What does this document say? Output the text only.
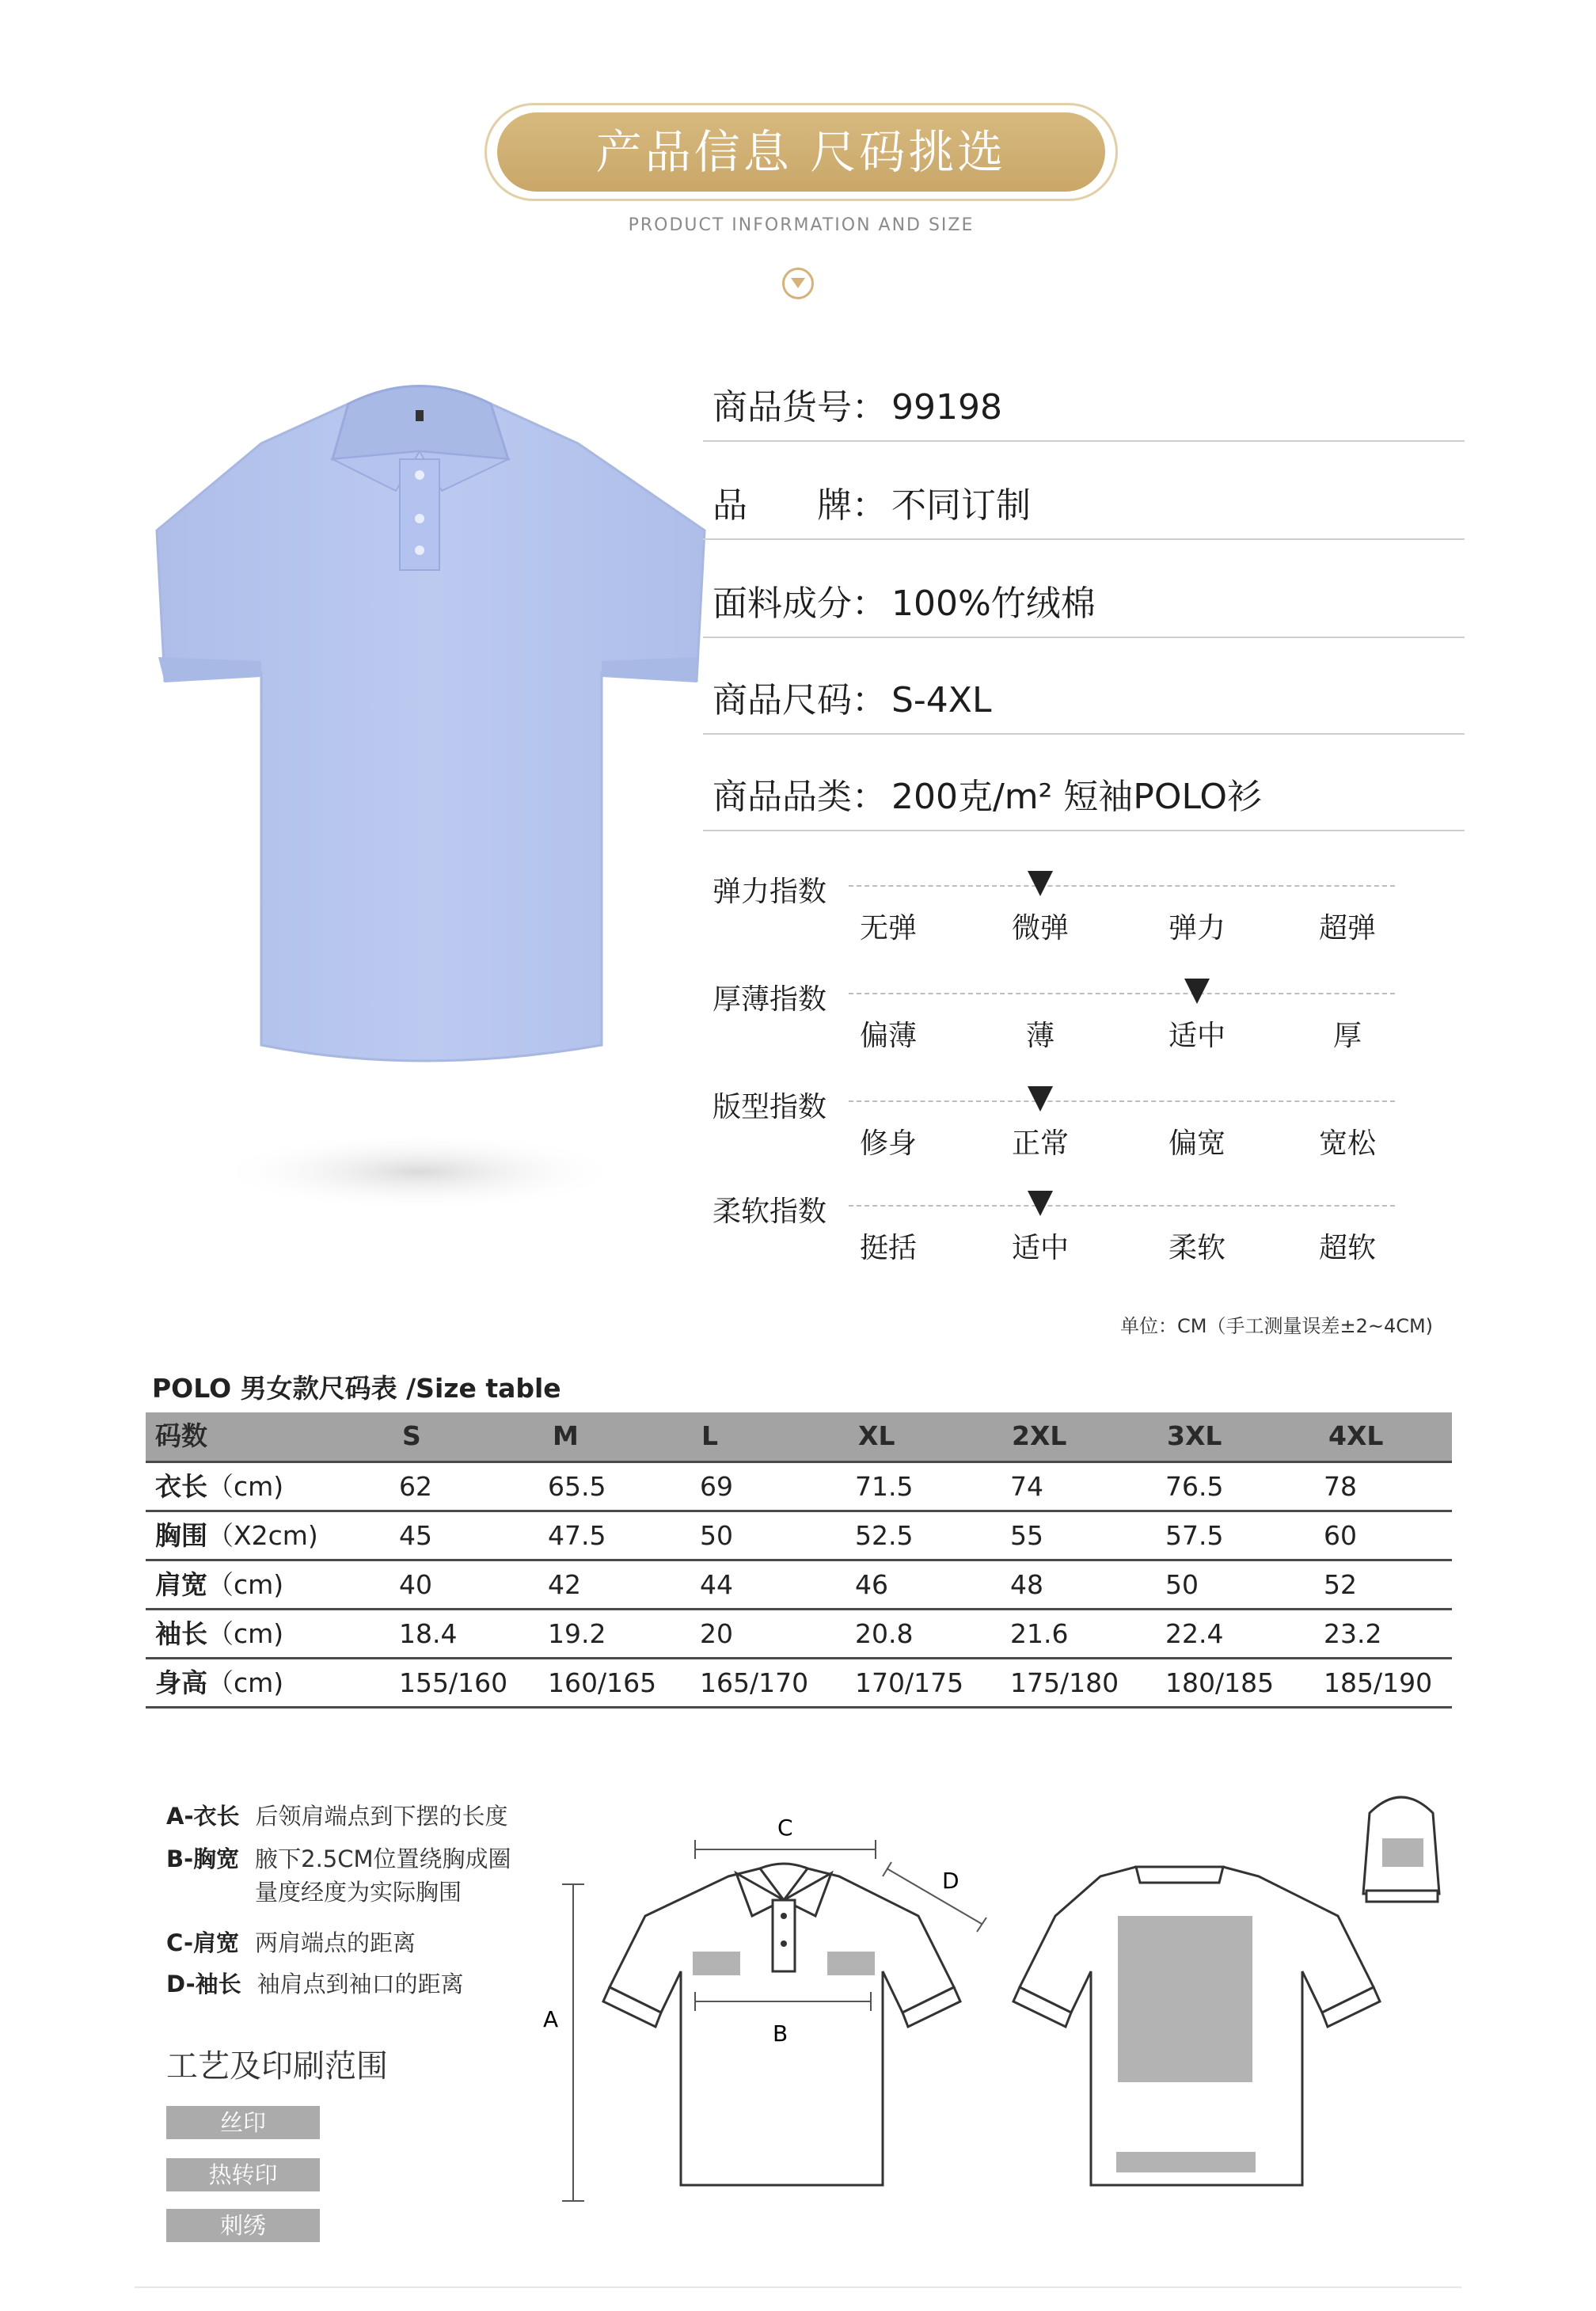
产品信息 尺码挑选
PRODUCT INFORMATION AND SIZE
商品货号： 99198
品　　牌： 不同订制
面料成分： 100%竹绒棉
商品尺码： S-4XL
商品品类： 200克/m² 短袖POLO衫
弹力指数
无弹	微弹	弹力	超弹
厚薄指数
偏薄	薄	适中	厚
版型指数
修身	正常	偏宽	宽松
柔软指数
挺括	适中	柔软	超软
单位：CM（手工测量误差±2~4CM)
POLO 男女款尺码表 /Size table
码数	S	M	L	XL	2XL	3XL	4XL
衣长（cm)	62	65.5	69	71.5	74	76.5	78
胸围（X2cm)	45	47.5	50	52.5	55	57.5	60
肩宽（cm)	40	42	44	46	48	50	52
袖长（cm)	18.4	19.2	20	20.8	21.6	22.4	23.2
身高（cm)	155/160 160/165 165/170 170/175 175/180 180/185 185/190
A-衣长 后领肩端点到下摆的长度
B-胸宽 腋下2.5CM位置绕胸成圈
量度经度为实际胸围
C-肩宽 两肩端点的距离
D-袖长 袖肩点到袖口的距离
工艺及印刷范围
丝印
热转印
刺绣
A
C
D
B
